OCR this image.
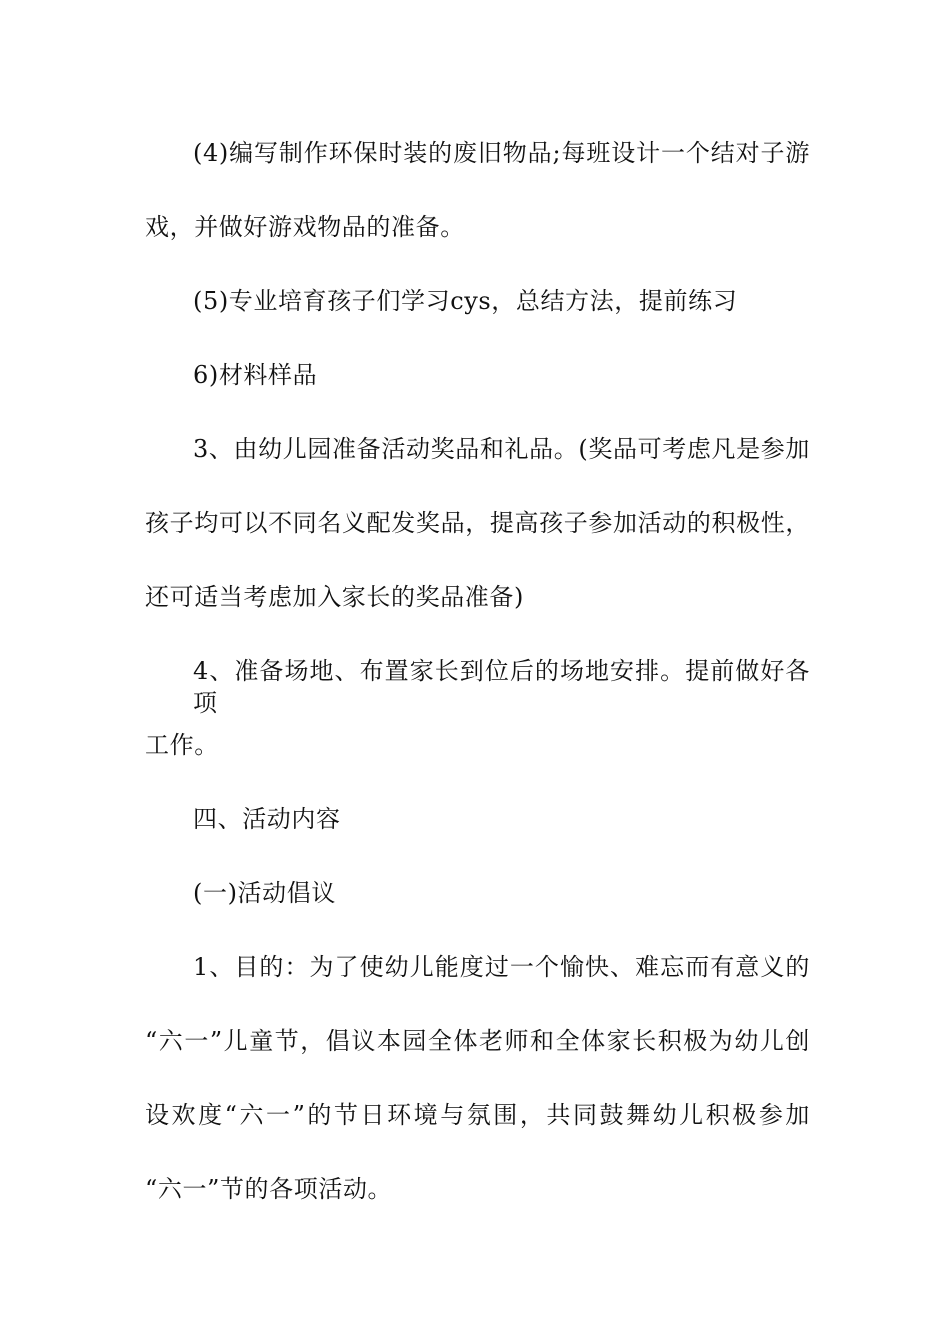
(4)编写制作环保时装的废旧物品;每班设计一个结对子游
戏，并做好游戏物品的准备。
(5)专业培育孩子们学习cys，总结方法，提前练习
6)材料样品
3、由幼儿园准备活动奖品和礼品。(奖品可考虑凡是参加
孩子均可以不同名义配发奖品，提高孩子参加活动的积极性，
还可适当考虑加入家长的奖品准备)
4、准备场地、布置家长到位后的场地安排。提前做好各项
工作。
四、活动内容
(一)活动倡议
1、目的：为了使幼儿能度过一个愉快、难忘而有意义的
“六一”儿童节，倡议本园全体老师和全体家长积极为幼儿创
设欢度“六一”的节日环境与氛围，共同鼓舞幼儿积极参加
“六一”节的各项活动。
